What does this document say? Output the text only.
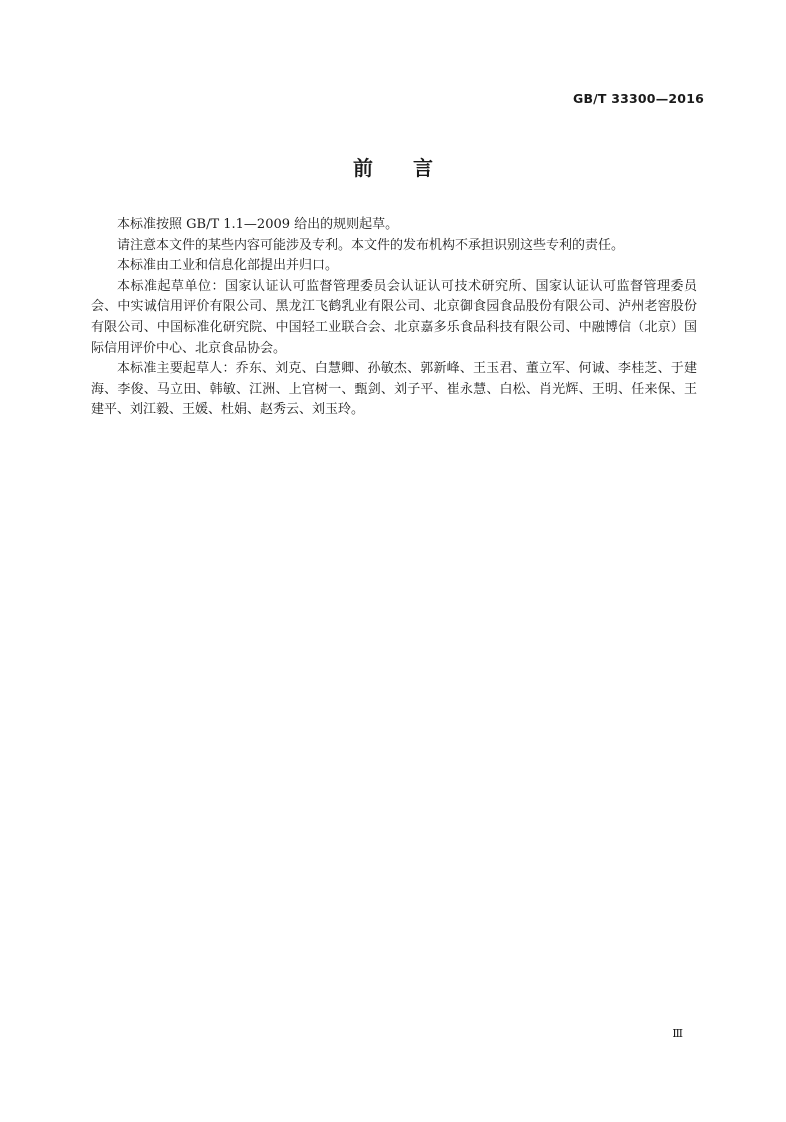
GB/T 33300—2016
前言

本标准按照 GB/T 1.1—2009 给出的规则起草。

请注意本文件的某些内容可能涉及专利。本文件的发布机构不承担识别这些专利的责任。

本标准由工业和信息化部提出并归口。

本标准起草单位：国家认证认可监督管理委员会认证认可技术研究所、国家认证认可监督管理委员会、中实诚信用评价有限公司、黑龙江飞鹤乳业有限公司、北京御食园食品股份有限公司、泸州老窖股份有限公司、中国标准化研究院、中国轻工业联合会、北京嘉多乐食品科技有限公司、中融博信（北京）国际信用评价中心、北京食品协会。

本标准主要起草人：乔东、刘克、白慧卿、孙敏杰、郭新峰、王玉君、董立军、何诚、李桂芝、于建海、李俊、马立田、韩敏、江洲、上官树一、甄剑、刘子平、崔永慧、白松、肖光辉、王明、任来保、王建平、刘江毅、王媛、杜娟、赵秀云、刘玉玲。

Ⅲ
